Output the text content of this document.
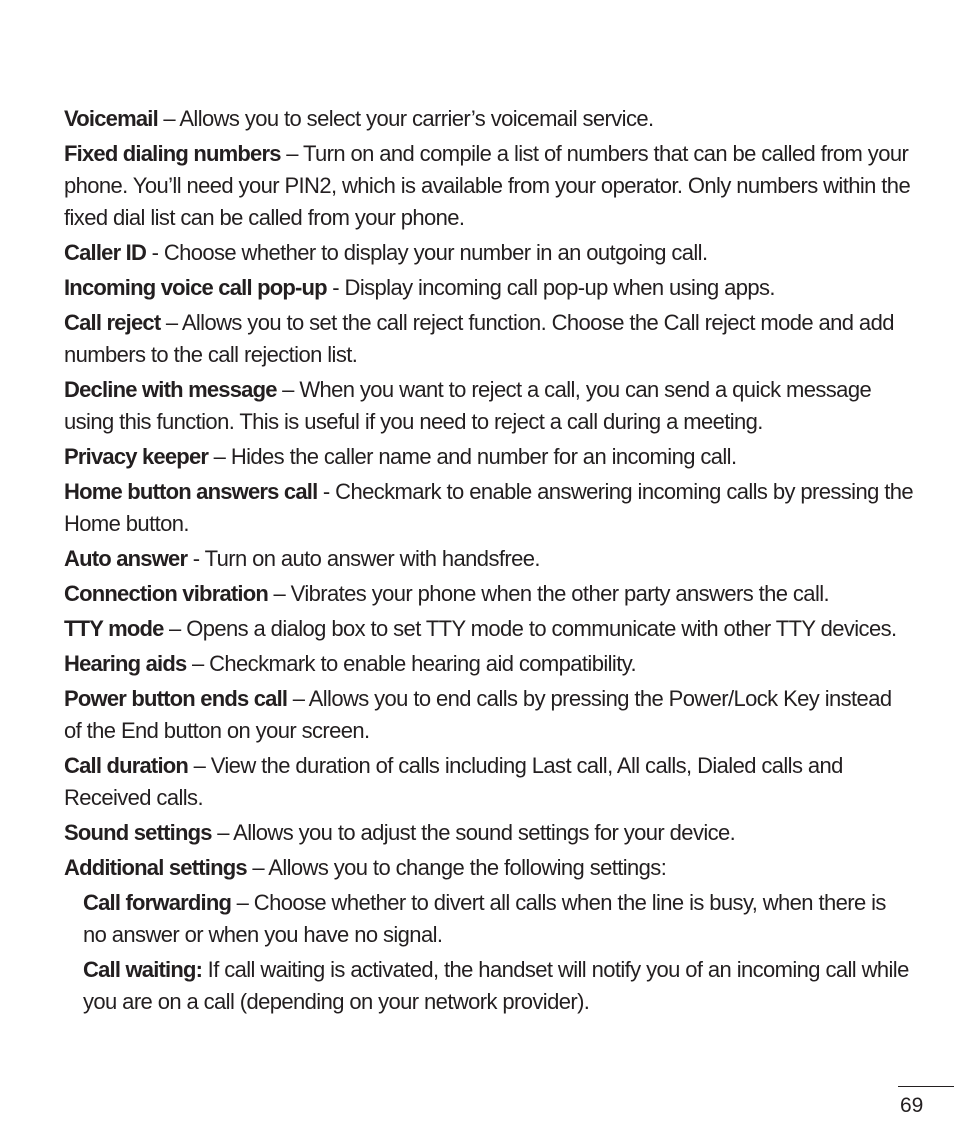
Voicemail – Allows you to select your carrier’s voicemail service.

Fixed dialing numbers – Turn on and compile a list of numbers that can be called from your phone. You’ll need your PIN2, which is available from your operator. Only numbers within the fixed dial list can be called from your phone.

Caller ID - Choose whether to display your number in an outgoing call.

Incoming voice call pop-up - Display incoming call pop-up when using apps.

Call reject – Allows you to set the call reject function. Choose the Call reject mode and add numbers to the call rejection list.

Decline with message – When you want to reject a call, you can send a quick message using this function. This is useful if you need to reject a call during a meeting.

Privacy keeper – Hides the caller name and number for an incoming call.

Home button answers call - Checkmark to enable answering incoming calls by pressing the Home button.

Auto answer - Turn on auto answer with handsfree.

Connection vibration – Vibrates your phone when the other party answers the call.

TTY mode – Opens a dialog box to set TTY mode to communicate with other TTY devices.

Hearing aids – Checkmark to enable hearing aid compatibility.

Power button ends call – Allows you to end calls by pressing the Power/Lock Key instead of the End button on your screen.

Call duration – View the duration of calls including Last call, All calls, Dialed calls and Received calls.

Sound settings – Allows you to adjust the sound settings for your device.

Additional settings – Allows you to change the following settings:

Call forwarding – Choose whether to divert all calls when the line is busy, when there is no answer or when you have no signal.

Call waiting: If call waiting is activated, the handset will notify you of an incoming call while you are on a call (depending on your network provider).

69
